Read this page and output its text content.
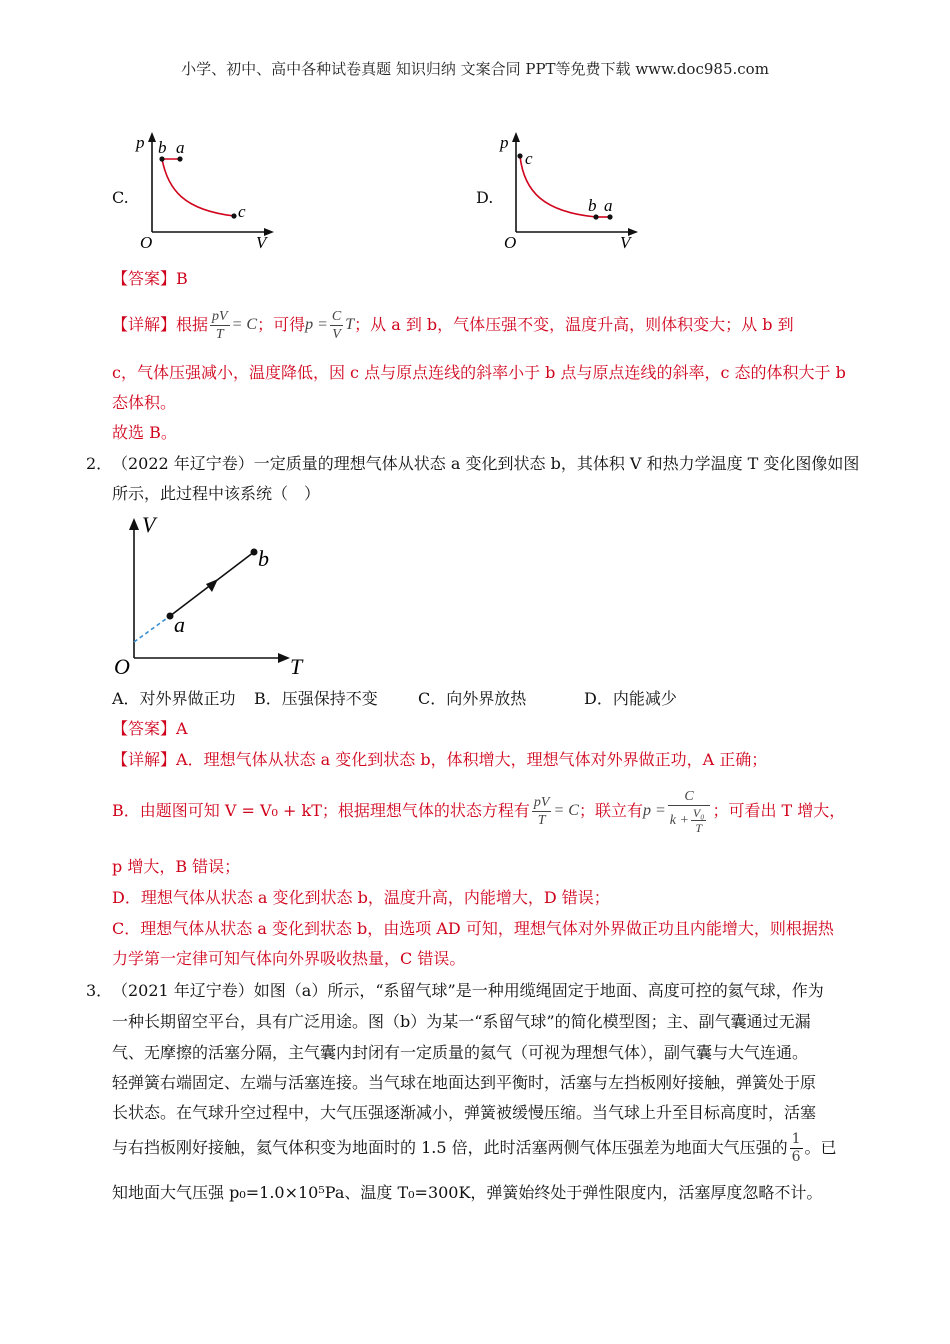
小学、初中、高中各种试卷真题 知识归纳 文案合同 PPT等免费下载 www.doc985.com
C.
p b a
c
O	V
D.
p
c
b a
O	V
【答案】B
【详解】 根据 $\frac{pV}{T} = C$ ；可得 $p = \frac{C}{V}$ T ；从 a 到 b，气体压强不变，温度升高，则体积变大；从 b 到
c，气体压强减小，温度降低，因 c 点与原点连线的斜率小于 b 点与原点连线的斜率，c 态的体积大于 b
态体积。
故选 B。
2． （2022 年辽宁卷）一定质量的理想气体从状态 a 变化到状态 b，其体积 V 和热力学温度 T 变化图像如图
所示，此过程中该系统（　）
V
a
b
O	T
A．对外界做正功 B．压强保持不变	C．向外界放热	D．内能减少
【答案】A
【详解】A．理想气体从状态 a 变化到状态 b，体积增大，理想气体对外界做正功，A 正确；
B．由题图可知 V = V₀ + kT；根据理想气体的状态方程有 $\frac{pV}{T} = C$ ；联立有 $p = \frac{C}{k + \frac{\text{V₀}}{T}}$ ；可看出 T 增大，
p 增大，B 错误；
D．理想气体从状态 a 变化到状态 b，温度升高，内能增大，D 错误；
C．理想气体从状态 a 变化到状态 b，由选项 AD 可知，理想气体对外界做正功且内能增大，则根据热
力学第一定律可知气体向外界吸收热量，C 错误。
3． （2021 年辽宁卷）如图（a）所示，“系留气球”是一种用缆绳固定于地面、高度可控的氦气球，作为
一种长期留空平台，具有广泛用途。图（b）为某一“系留气球”的简化模型图；主、副气囊通过无漏
气、无摩擦的活塞分隔，主气囊内封闭有一定质量的氦气（可视为理想气体），副气囊与大气连通。
轻弹簧右端固定、左端与活塞连接。当气球在地面达到平衡时，活塞与左挡板刚好接触，弹簧处于原
长状态。在气球升空过程中，大气压强逐渐减小，弹簧被缓慢压缩。当气球上升至目标高度时，活塞
与右挡板刚好接触，氦气体积变为地面时的 1.5 倍，此时活塞两侧气体压强差为地面大气压强的 $\frac{1}{6}$ 。已
知地面大气压强 p₀=1.0×10⁵Pa、温度 T₀=300K，弹簧始终处于弹性限度内，活塞厚度忽略不计。
